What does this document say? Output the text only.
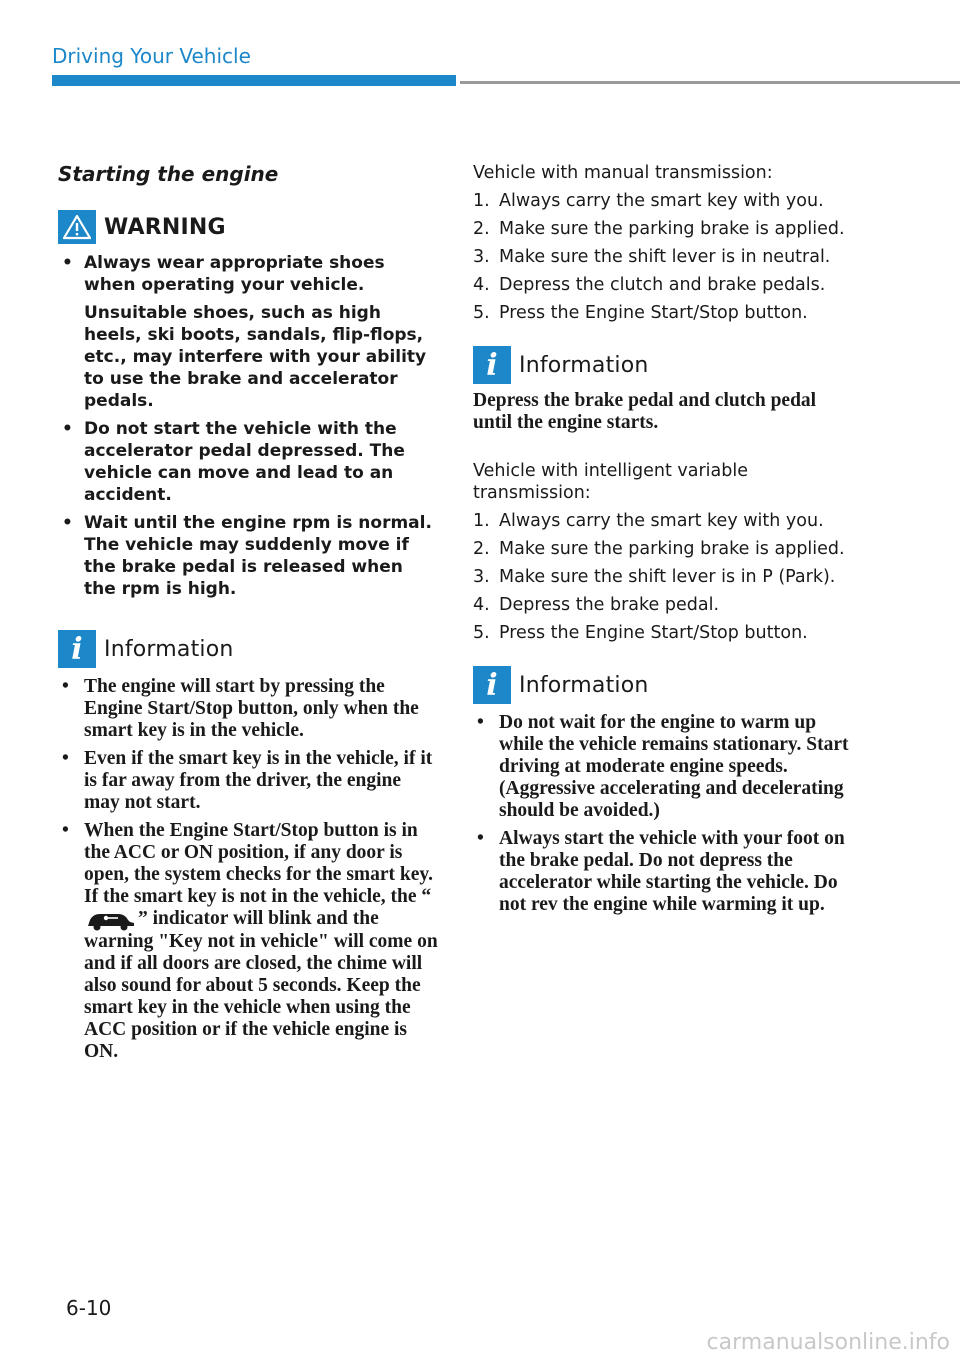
Driving Your Vehicle
Starting the engine
WARNING
• Always wear appropriate shoes when operating your vehicle.
Unsuitable shoes, such as high heels, ski boots, sandals, flip-flops, etc., may interfere with your ability to use the brake and accelerator pedals.
• Do not start the vehicle with the accelerator pedal depressed. The vehicle can move and lead to an accident.
• Wait until the engine rpm is normal. The vehicle may suddenly move if the brake pedal is released when the rpm is high.
i Information
• The engine will start by pressing the Engine Start/Stop button, only when the smart key is in the vehicle.
• Even if the smart key is in the vehicle, if it is far away from the driver, the engine may not start.
• When the Engine Start/Stop button is in the ACC or ON position, if any door is open, the system checks for the smart key. If the smart key is not in the vehicle, the “” indicator will blink and the warning "Key not in vehicle" will come on and if all doors are closed, the chime will also sound for about 5 seconds. Keep the smart key in the vehicle when using the ACC position or if the vehicle engine is ON.
Vehicle with manual transmission:
1. Always carry the smart key with you.
2. Make sure the parking brake is applied.
3. Make sure the shift lever is in neutral.
4. Depress the clutch and brake pedals.
5. Press the Engine Start/Stop button.
i Information
Depress the brake pedal and clutch pedal until the engine starts.
Vehicle with intelligent variable transmission:
1. Always carry the smart key with you.
2. Make sure the parking brake is applied.
3. Make sure the shift lever is in P (Park).
4. Depress the brake pedal.
5. Press the Engine Start/Stop button.
i Information
• Do not wait for the engine to warm up while the vehicle remains stationary. Start driving at moderate engine speeds. (Aggressive accelerating and decelerating should be avoided.)
• Always start the vehicle with your foot on the brake pedal. Do not depress the accelerator while starting the vehicle. Do not rev the engine while warming it up.
6-10
carmanualsonline.info
